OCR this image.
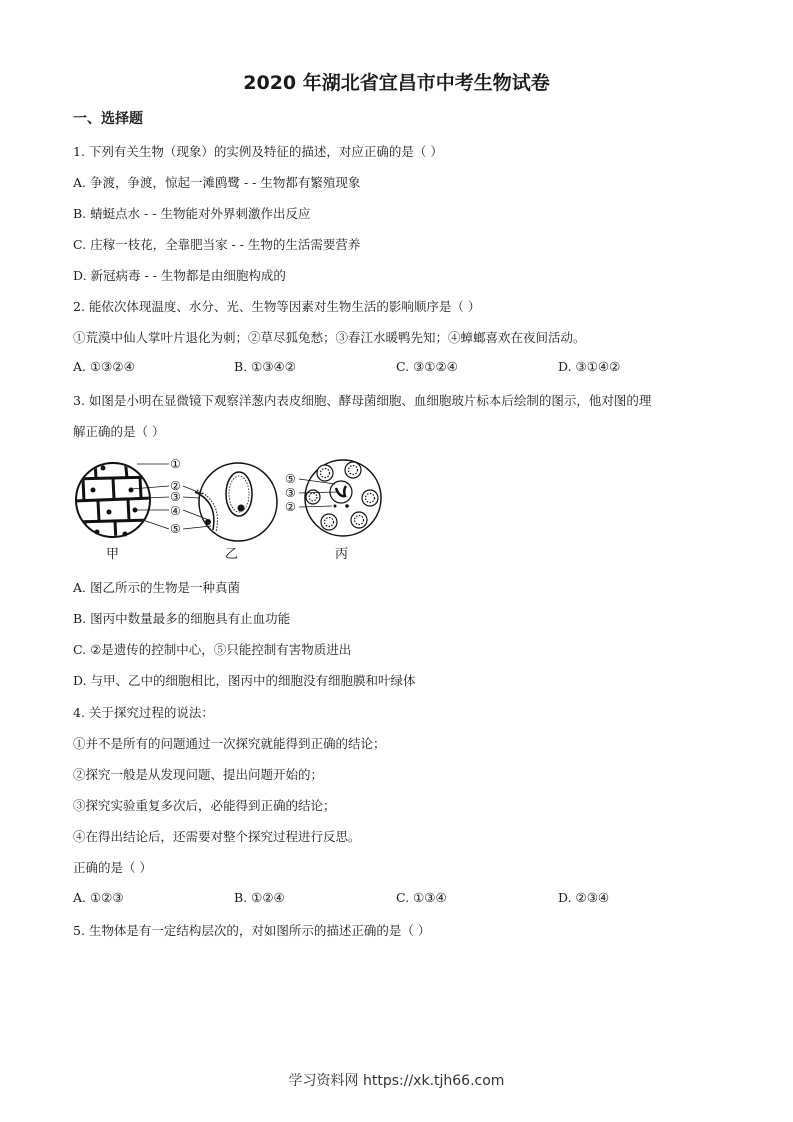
2020 年湖北省宜昌市中考生物试卷
一、选择题
1. 下列有关生物（现象）的实例及特征的描述，对应正确的是（ ）
A. 争渡，争渡，惊起一滩鸥鹭 - - 生物都有繁殖现象
B. 蜻蜓点水 - - 生物能对外界刺激作出反应
C. 庄稼一枝花，全靠肥当家 - - 生物的生活需要营养
D. 新冠病毒 - - 生物都是由细胞构成的
2. 能依次体现温度、水分、光、生物等因素对生物生活的影响顺序是（ ）
①荒漠中仙人掌叶片退化为刺；②草尽狐兔愁；③春江水暖鸭先知；④蟑螂喜欢在夜间活动。
A. ①③②④	B. ①③④②	C. ③①②④	D. ③①④②
3. 如图是小明在显微镜下观察洋葱内表皮细胞、酵母菌细胞、血细胞玻片标本后绘制的图示，他对图的理
解正确的是（ ）
①
②
③
④
⑤
⑤
③
②
甲	乙	丙
A. 图乙所示的生物是一种真菌
B. 图丙中数量最多的细胞具有止血功能
C. ②是遗传的控制中心，⑤只能控制有害物质进出
D. 与甲、乙中的细胞相比，图丙中的细胞没有细胞膜和叶绿体
4. 关于探究过程的说法：
①并不是所有的问题通过一次探究就能得到正确的结论；
②探究一般是从发现问题、提出问题开始的；
③探究实验重复多次后，必能得到正确的结论；
④在得出结论后，还需要对整个探究过程进行反思。
正确的是（ ）
A. ①②③	B. ①②④	C. ①③④	D. ②③④
5. 生物体是有一定结构层次的，对如图所示的描述正确的是（ ）
学习资料网 https://xk.tjh66.com
